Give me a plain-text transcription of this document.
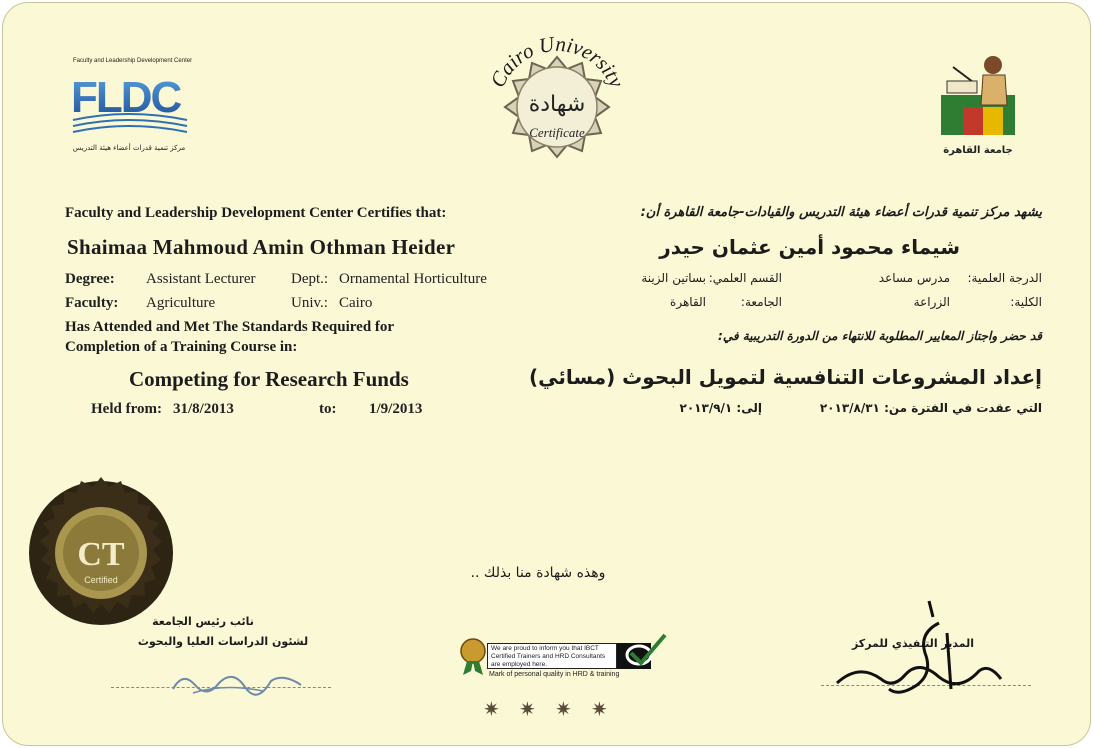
Faculty and Leadership Development Center
FLDC
مركز تنمية قدرات أعضاء هيئة التدريس
Cairo University
شهادة
Certificate
جامعة القاهرة
Faculty and Leadership Development Center Certifies that:	يشهد مركز تنمية قدرات أعضاء هيئة التدريس والقيادات-جامعة القاهرة أن:
Shaimaa Mahmoud Amin Othman Heider	شيماء محمود أمين عثمان حيدر
Degree: Assistant Lecturer Dept.: Ornamental Horticulture
Faculty: Agriculture	Univ.: Cairo
الدرجة العلمية:
مدرس مساعد
القسم العلمي:
بساتين الزينة
الكلية:
الزراعة
الجامعة:
القاهرة
Has Attended and Met The Standards Required for
Completion of a Training Course in:
قد حضر واجتاز المعايير المطلوبة للانتهاء من الدورة التدريبية في:
Competing for Research Funds	إعداد المشروعات التنافسية لتمويل البحوث (مسائي)
Held from: 31/8/2013	to: 1/9/2013	التي عقدت في الفترة من: ٢٠١٣/٨/٣١
إلى: ٢٠١٣/٩/١
CT
Certified	وهذه شهادة منا بذلك ..
نائب رئيس الجامعة
لشئون الدراسات العليا والبحوث
We are proud to inform you that IBCT Certified Trainers and HRD Consultants are employed here.
Mark of personal quality in HRD & training
✷ ✷ ✷ ✷
المدير التنفيذي للمركز
